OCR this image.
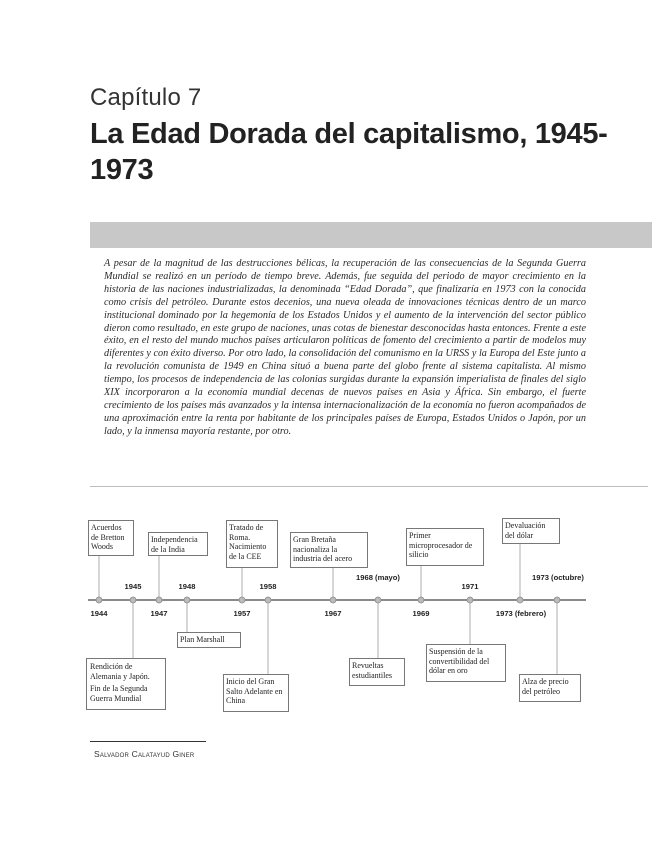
Capítulo 7
La Edad Dorada del capitalismo, 1945-1973
A pesar de la magnitud de las destrucciones bélicas, la recuperación de las consecuencias de la Segunda Guerra Mundial se realizó en un período de tiempo breve. Además, fue seguida del periodo de mayor crecimiento en la historia de las naciones industrializadas, la denominada “Edad Dorada”, que finalizaría en 1973 con la conocida como crisis del petróleo. Durante estos decenios, una nueva oleada de innovaciones técnicas dentro de un marco institucional dominado por la hegemonía de los Estados Unidos y el aumento de la intervención del sector público dieron como resultado, en este grupo de naciones, unas cotas de bienestar desconocidas hasta entonces. Frente a este éxito, en el resto del mundo muchos países articularon políticas de fomento del crecimiento a partir de modelos muy diferentes y con éxito diverso. Por otro lado, la consolidación del comunismo en la URSS y la Europa del Este junto a la revolución comunista de 1949 en China situó a buena parte del globo frente al sistema capitalista. Al mismo tiempo, los procesos de independencia de las colonias surgidas durante la expansión imperialista de finales del siglo XIX incorporaron a la economía mundial decenas de nuevos países en Asia y África. Sin embargo, el fuerte crecimiento de los países más avanzados y la intensa internacionalización de la economía no fueron acompañados de una aproximación entre la renta por habitante de los principales países de Europa, Estados Unidos o Japón, por un lado, y la inmensa mayoría restante, por otro.
1945	1948	1958
1968 (mayo)
1971
1973 (octubre)
1944	1947	1957	1967	1969	1973 (febrero)
Acuerdos de Bretton Woods
Independencia de la India
Tratado de Roma. Nacimiento de la CEE
Gran Bretaña nacionaliza la industria del acero
Primer microprocesador de silicio
Devaluación del dólar
Rendición de Alemania y Japón.
Fin de la Segunda Guerra Mundial
Plan Marshall
Inicio del Gran Salto Adelante en China
Revueltas estudiantiles
Suspensión de la convertibilidad del dólar en oro
Alza de precio del petróleo
Salvador Calatayud Giner
